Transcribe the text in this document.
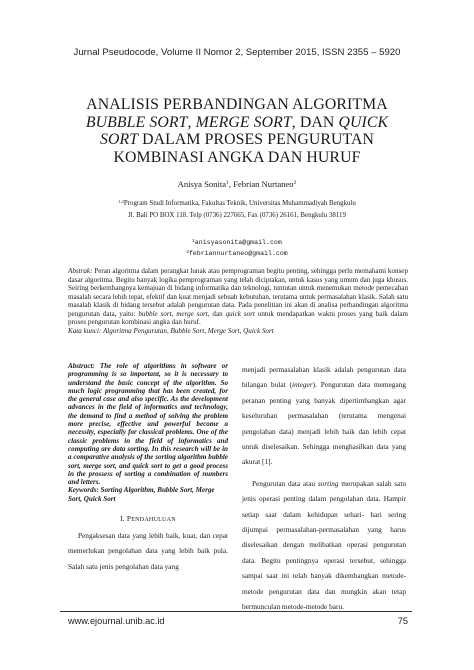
Jurnal Pseudocode, Volume II Nomor 2, September 2015, ISSN 2355 – 5920
ANALISIS PERBANDINGAN ALGORITMA
BUBBLE SORT, MERGE SORT, DAN QUICK
SORT DALAM PROSES PENGURUTAN
KOMBINASI ANGKA DAN HURUF
Anisya Sonita$^1$, Febrian Nurtaneo$^2$
$^{1,2}$Program Studi Informatika, Fakultas Teknik, Universitas Muhammadiyah Bengkulu
Jl. Bali PO BOX 118. Telp (0736) 227665, Fax (0736) 26161, Bengkulu 38119
$^1$anisyasonita@gmail.com
$^2$febriannurtaneo@gmail.com
Abstrak: Peran algoritma dalam perangkat lunak atau pemprograman begitu penting, sehingga perlu memahami konsep dasar algoritma. Begitu banyak logika pemprograman yang telah diciptakan, untuk kasus yang umum dan juga khusus. Seiring berkembangnya kemajuan di bidang informatika dan teknologi, tuntutan untuk menemukan metode pemecahan masalah secara lebih tepat, efektif dan kuat menjadi sebuah kebutuhan, terutama untuk permasalahan klasik. Salah satu masalah klasik di bidang tersebut adalah pengurutan data. Pada penelitian ini akan di analisa perbandingan algoritma pengurutan data, yaitu: bubble sort, merge sort, dan quick sort untuk mendapatkan waktu proses yang baik dalam proses pengurutan kombinasi angka dan huruf.
Kata kunci: Algoritma Pengurutan, Bubble Sort, Merge Sort, Quick Sort
Abstract: The role of algorithms in software or programming is so important, so it is necessary to understand the basic concept of the algorithm. So much logic programming that has been created, for the general case and also specific. As the development advances in the field of informatics and technology, the demand to find a method of solving the problem more precise, effective and powerful become a necessity, especially for classical problems. One of the classic problems in the field of informatics and computing are data sorting. In this research will be in a comparative analysis of the sorting algorithm bubble sort, merge sort, and quick sort to get a good process in the prossess of sorting a combination of numbers and letters.
Keywords: Sorting Algorithm, Bubble Sort, Merge Sort, Quick Sort
I. PENDAHULUAN

Pengaksesan data yang lebih baik, kuat, dan cepat memerlukan pengolahan data yang lebih baik pula. Salah satu jenis pengolahan data yang

menjadi permasalahan klasik adalah pengurutan data bilangan bulat (integer). Pengurutan data memegang peranan penting yang banyak dipertimbangkan agar keseluruhan permasalahan (terutama mengenai pengolahan data) menjadi lebih baik dan lebih cepat untuk diselesaikan. Sehingga menghasilkan data yang akurat [1].

Pengurutan data atau sorting merupakan salah satu jenis operasi penting dalam pengolahan data. Hampir setiap saat dalam kehidupan sehari- hari sering dijumpai permasalahan-permasalahan yang harus diselesaikan dengan melibatkan operasi pengurutan data. Begitu pentingnya operasi tersebut, sehingga sampai saat ini telah banyak dikembangkan metode-metode pengurutan data dan mungkin akan tetap bermunculan metode-metode baru.

www.ejournal.unib.ac.id	75
